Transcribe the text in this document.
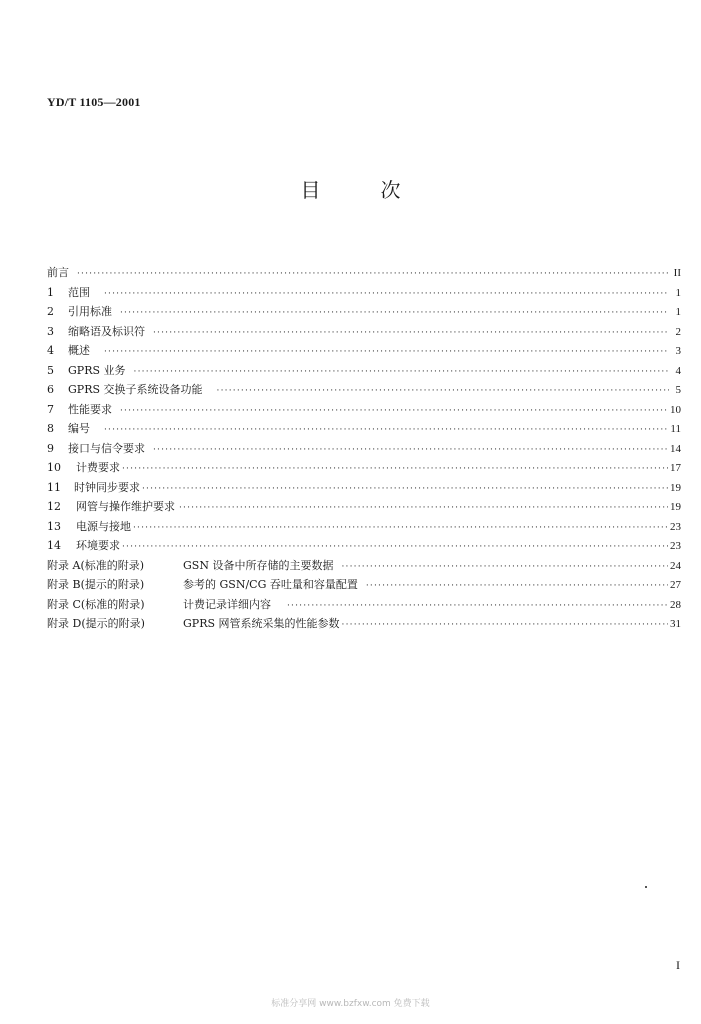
YD/T 1105—2001
目	次
前言 ·····	II
1	范围 ·····	1
2	引用标准 ·····	1
3	缩略语及标识符 ·····	2
4	概述 ·····	3
5	GPRS 业务 ·····	4
6	GPRS 交换子系统设备功能 ·····	5
7	性能要求 ·····	10
8	编号 ·····	11
9	接口与信令要求 ·····	14
10	计费要求 ·····	17
11	时钟同步要求 ·····	19
12	网管与操作维护要求 ·····	19
13	电源与接地 ·····	23
14	环境要求 ·····	23
附录 A(标准的附录)	GSN 设备中所存储的主要数据 ·····	24
附录 B(提示的附录)	参考的 GSN/CG 吞吐量和容量配置 ·····	27
附录 C(标准的附录)	计费记录详细内容 ·····	28
附录 D(提示的附录)	GPRS 网管系统采集的性能参数 ·····	31
I
标准分享网 www.bzfxw.com 免费下载
